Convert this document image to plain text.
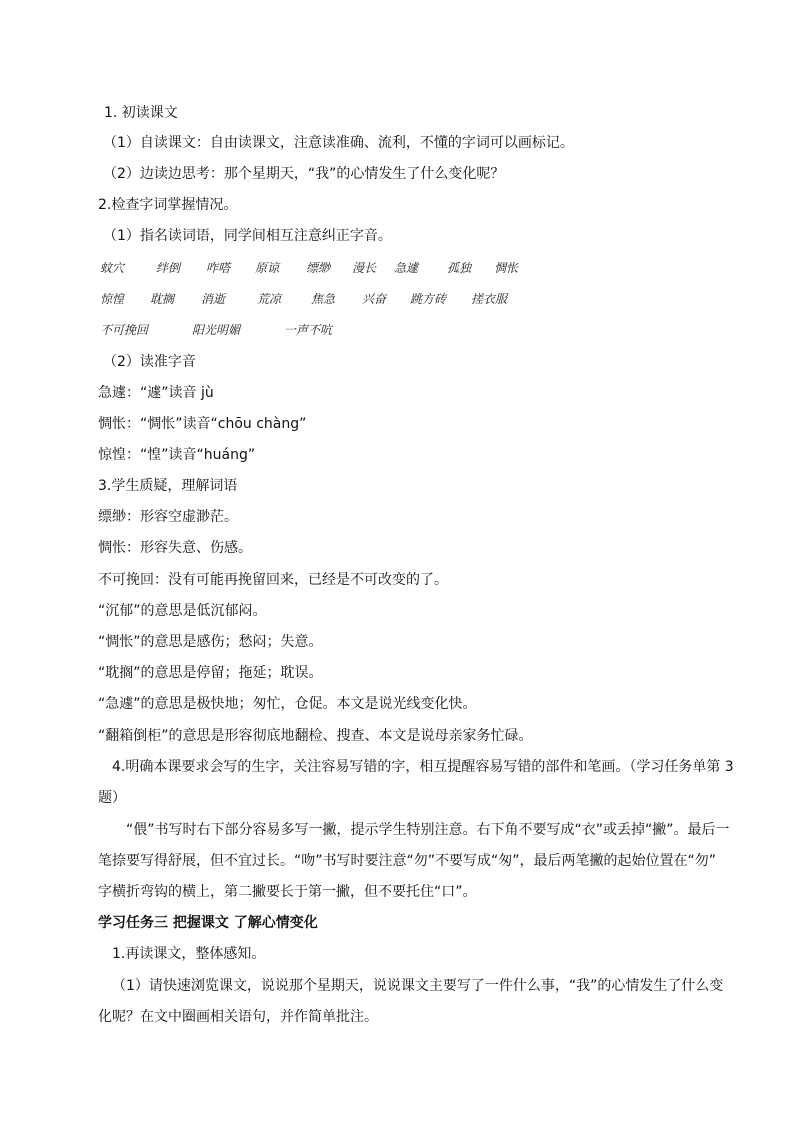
1. 初读课文
（1）自读课文：自由读课文，注意读准确、流利，不懂的字词可以画标记。
（2）边读边思考：那个星期天，“我”的心情发生了什么变化呢？
2.检查字词掌握情况。
（1）指名读词语，同学间相互注意纠正字音。
蚊穴	绊倒 咋嗒 原谅 缥缈 漫长 急遽 孤独 惆怅
惊惶 耽搁 消逝	荒凉 焦急 兴奋 跳方砖 搓衣服
不可挽回	阳光明媚	一声不吭
（2）读准字音
急遽：“遽”读音 jù
惆怅：“惆怅”读音“chōu chàng”
惊惶：“惶”读音“huáng”
3.学生质疑，理解词语
缥缈：形容空虚渺茫。
惆怅：形容失意、伤感。
不可挽回：没有可能再挽留回来，已经是不可改变的了。
“沉郁”的意思是低沉郁闷。
“惆怅”的意思是感伤；愁闷；失意。
“耽搁”的意思是停留；拖延；耽误。
“急遽”的意思是极快地；匆忙，仓促。本文是说光线变化快。
“翻箱倒柜”的意思是形容彻底地翻检、搜查、本文是说母亲家务忙碌。
4.明确本课要求会写的生字，关注容易写错的字，相互提醒容易写错的部件和笔画。（学习任务单第 3
题）
“偎”书写时右下部分容易多写一撇，提示学生特别注意。右下角不要写成“衣”或丢掉“撇”。最后一
笔捺要写得舒展，但不宜过长。“吻”书写时要注意“勿”不要写成“匆”，最后两笔撇的起始位置在“勿”
字横折弯钩的横上，第二撇要长于第一撇，但不要托住“口”。
学习任务三 把握课文 了解心情变化
1.再读课文，整体感知。
（1）请快速浏览课文，说说那个星期天，说说课文主要写了一件什么事，“我”的心情发生了什么变
化呢？在文中圈画相关语句，并作简单批注。
